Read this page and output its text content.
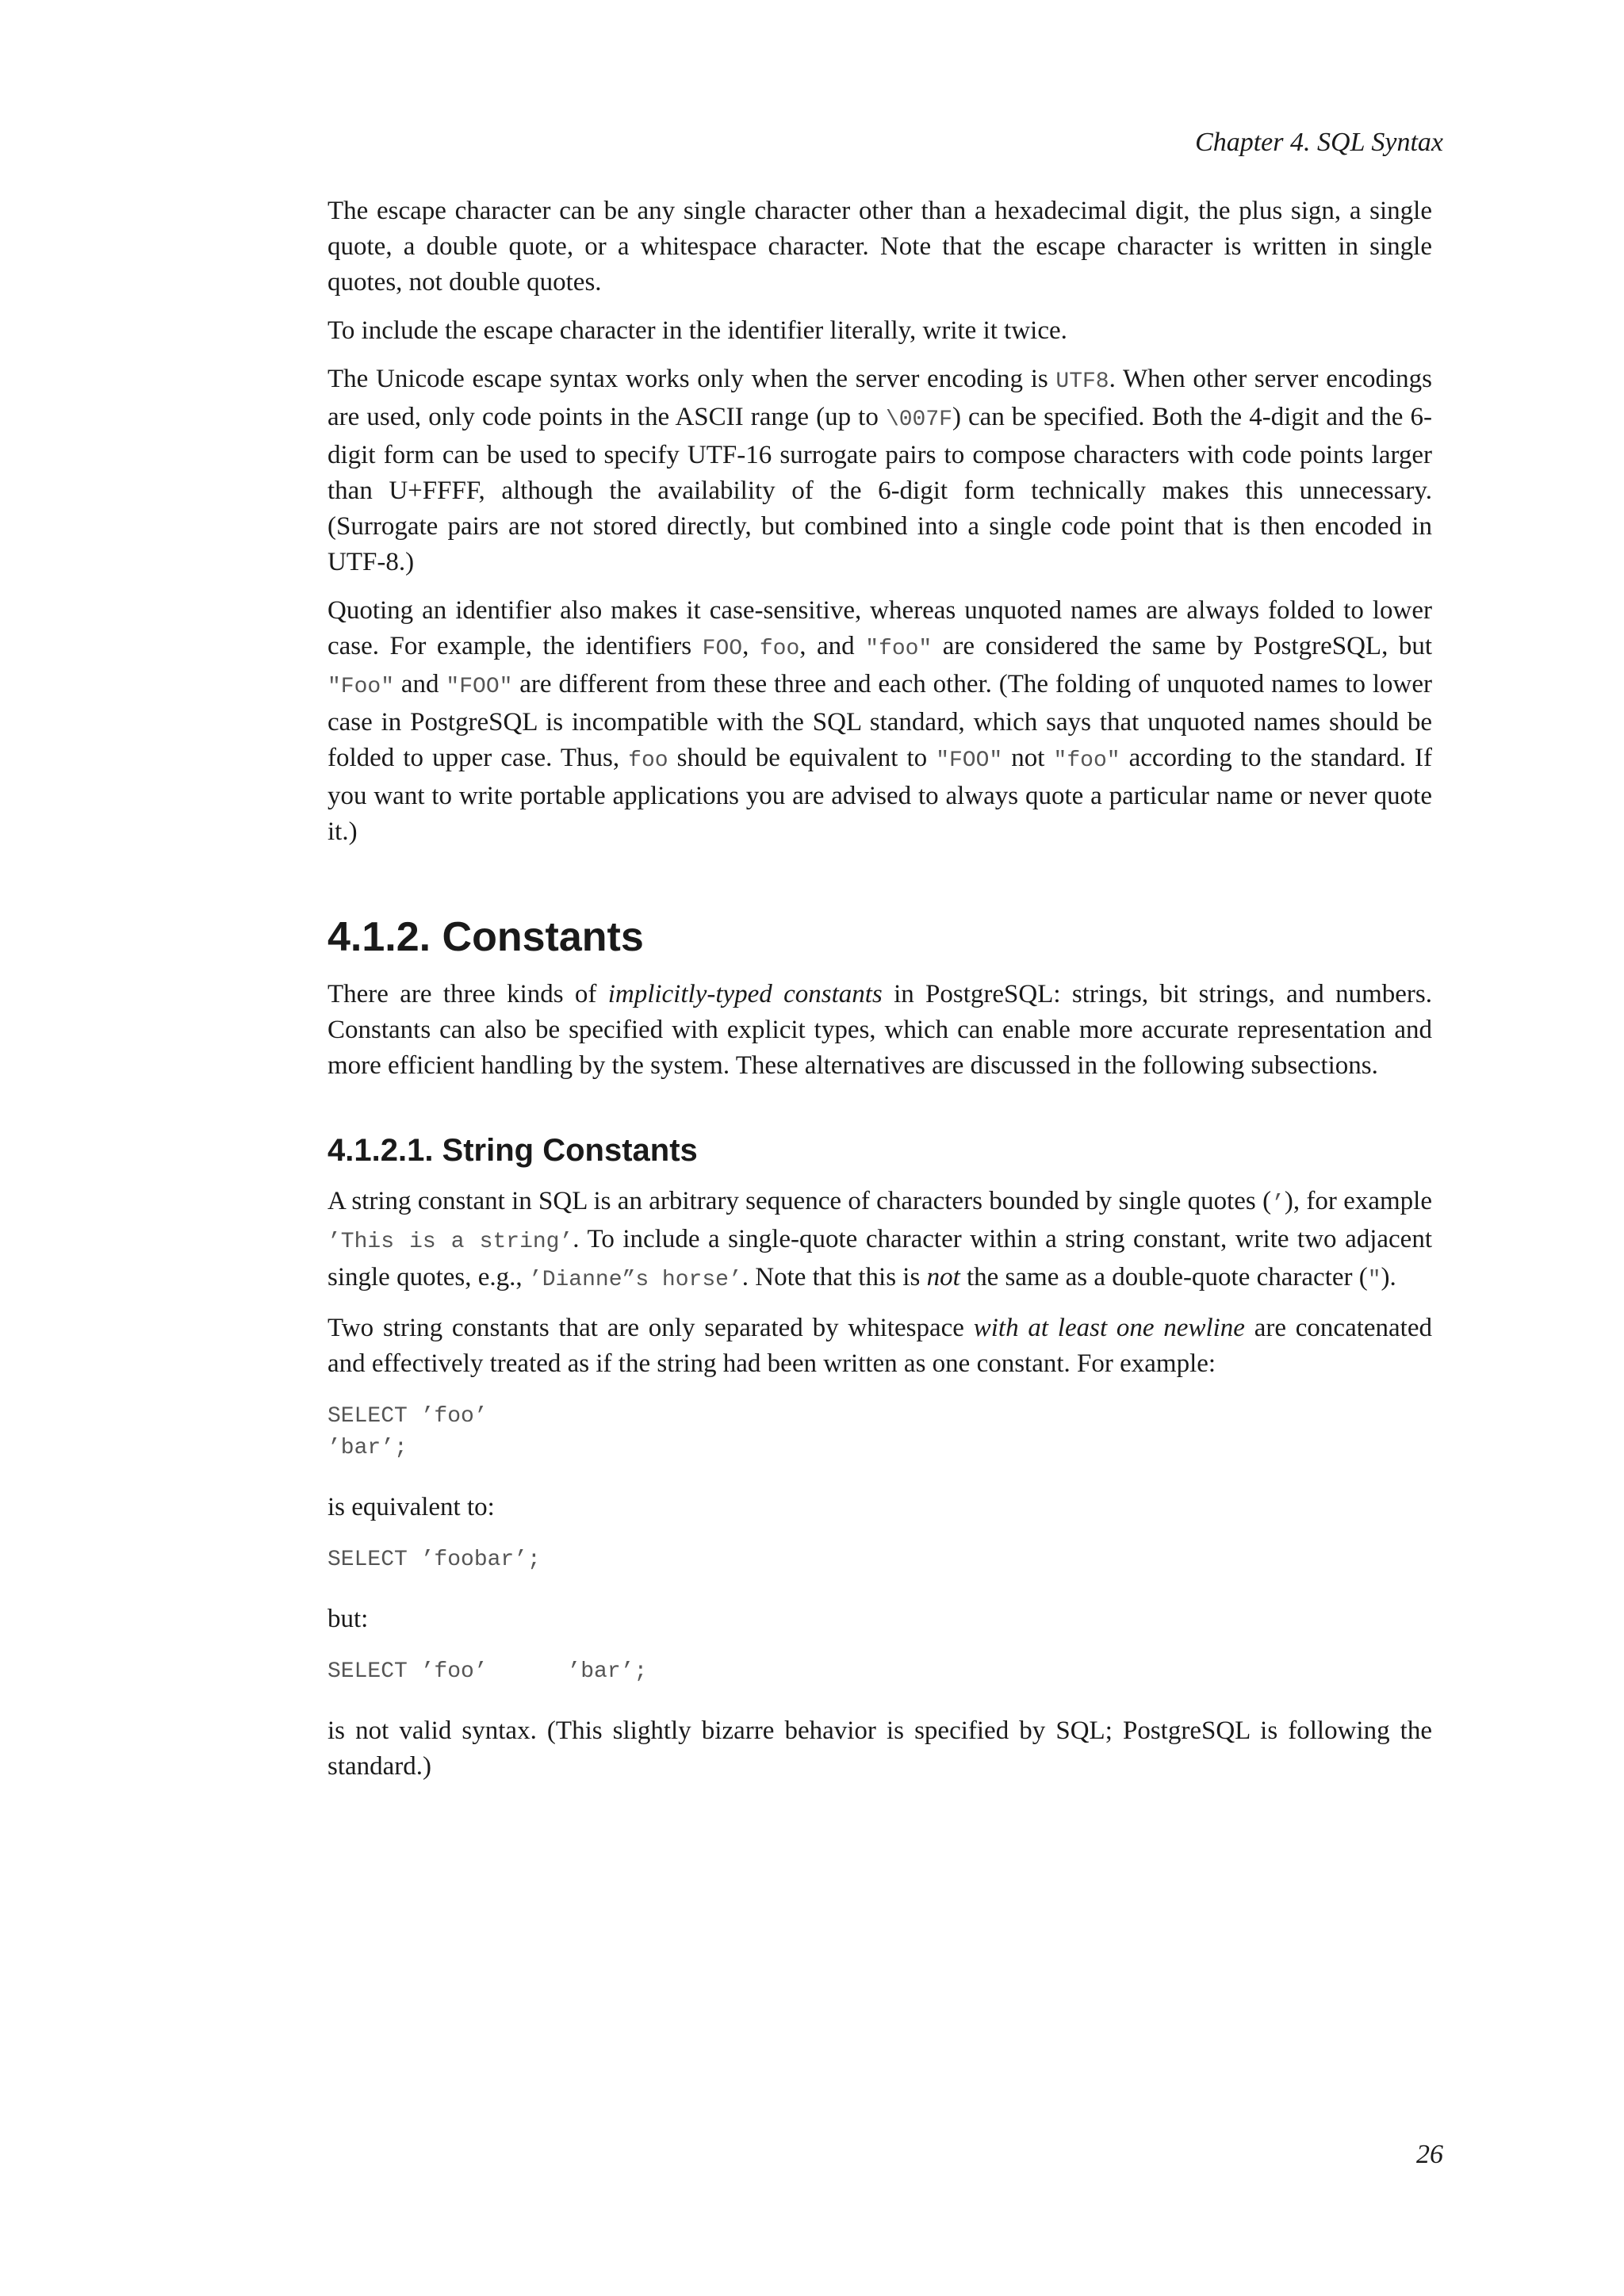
Chapter 4. SQL Syntax

The escape character can be any single character other than a hexadecimal digit, the plus sign, a single quote, a double quote, or a whitespace character. Note that the escape character is written in single quotes, not double quotes.

To include the escape character in the identifier literally, write it twice.

The Unicode escape syntax works only when the server encoding is UTF8. When other server encodings are used, only code points in the ASCII range (up to \007F) can be specified. Both the 4-digit and the 6-digit form can be used to specify UTF-16 surrogate pairs to compose characters with code points larger than U+FFFF, although the availability of the 6-digit form technically makes this unnecessary. (Surrogate pairs are not stored directly, but combined into a single code point that is then encoded in UTF-8.)

Quoting an identifier also makes it case-sensitive, whereas unquoted names are always folded to lower case. For example, the identifiers FOO, foo, and "foo" are considered the same by PostgreSQL, but "Foo" and "FOO" are different from these three and each other. (The folding of unquoted names to lower case in PostgreSQL is incompatible with the SQL standard, which says that unquoted names should be folded to upper case. Thus, foo should be equivalent to "FOO" not "foo" according to the standard. If you want to write portable applications you are advised to always quote a particular name or never quote it.)

4.1.2. Constants

There are three kinds of implicitly-typed constants in PostgreSQL: strings, bit strings, and numbers. Constants can also be specified with explicit types, which can enable more accurate representation and more efficient handling by the system. These alternatives are discussed in the following subsections.

4.1.2.1. String Constants

A string constant in SQL is an arbitrary sequence of characters bounded by single quotes (’), for example ’This is a string’. To include a single-quote character within a string constant, write two adjacent single quotes, e.g., ’Dianne”s horse’. Note that this is not the same as a double-quote character (").

Two string constants that are only separated by whitespace with at least one newline are concatenated and effectively treated as if the string had been written as one constant. For example:

SELECT ’foo’
’bar’;

is equivalent to:

SELECT ’foobar’;

but:

SELECT ’foo’      ’bar’;

is not valid syntax. (This slightly bizarre behavior is specified by SQL; PostgreSQL is following the standard.)

26
